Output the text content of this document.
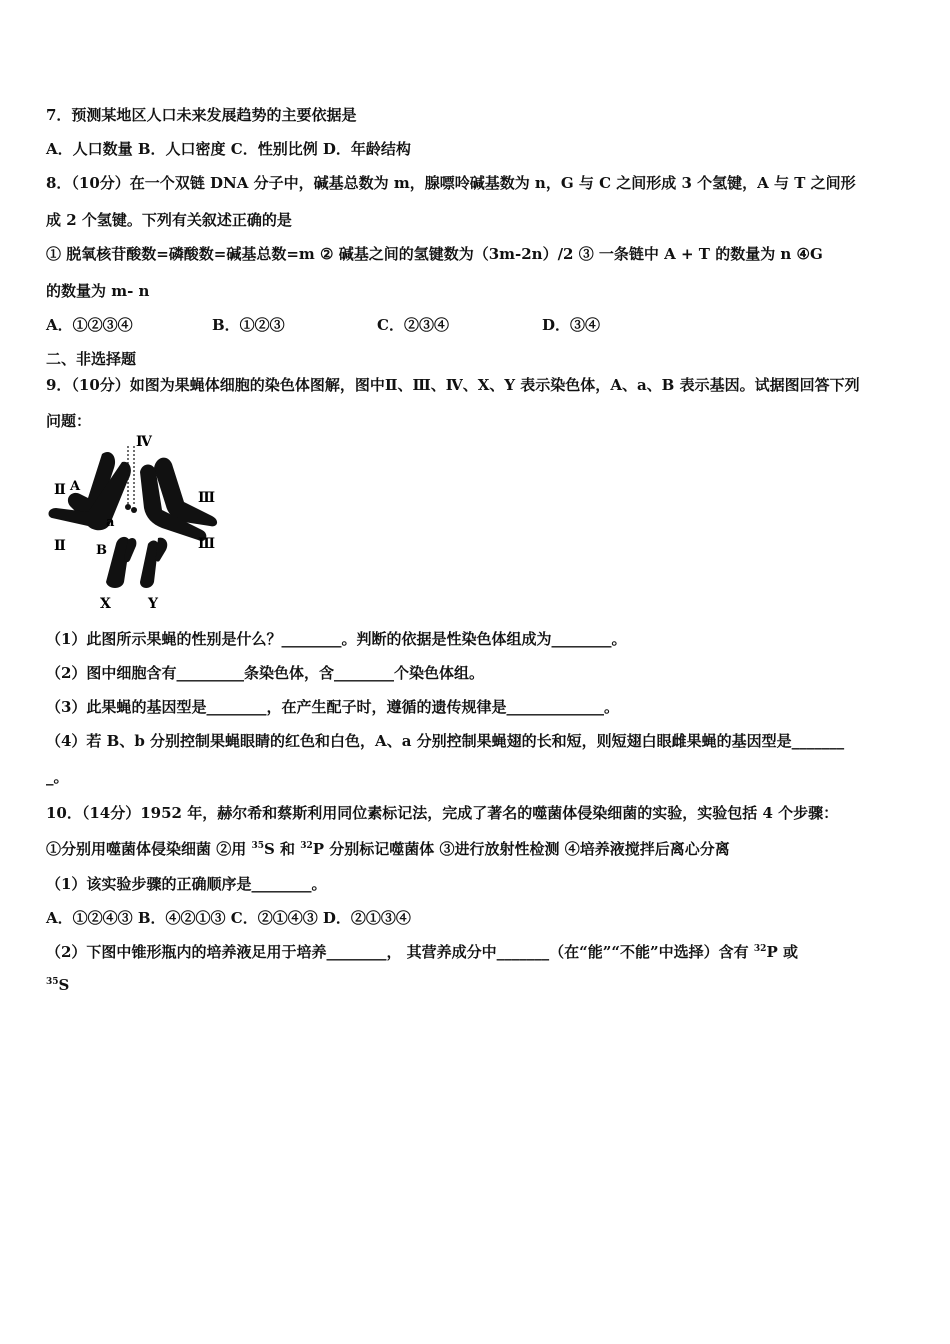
7．预测某地区人口未来发展趋势的主要依据是
A．人口数量 B．人口密度 C．性别比例 D．年龄结构
8．（10分）在一个双链 DNA 分子中，碱基总数为 m，腺嘌呤碱基数为 n，G 与 C 之间形成 3 个氢键，A 与 T 之间形
成 2 个氢键。下列有关叙述正确的是
① 脱氧核苷酸数=磷酸数=碱基总数=m ② 碱基之间的氢键数为（3m-2n）/2 ③ 一条链中 A + T 的数量为 n ④G
的数量为 m- n
A．①②③④	B．①②③	C．②③④	D．③④
二、非选择题
9．（10分）如图为果蝇体细胞的染色体图解，图中Ⅱ、Ⅲ、Ⅳ、X、Y 表示染色体，A、a、B 表示基因。试据图回答下列
问题：
Ⅳ
Ⅱ
Ⅱ
Ⅲ
Ⅲ
A
a
B
X	Y
（1）此图所示果蝇的性别是什么？________。判断的依据是性染色体组成为________。
（2）图中细胞含有_________条染色体，含________个染色体组。
（3）此果蝇的基因型是________，在产生配子时，遵循的遗传规律是_____________。
（4）若 B、b 分别控制果蝇眼睛的红色和白色，A、a 分别控制果蝇翅的长和短，则短翅白眼雌果蝇的基因型是_______
_。
10．（14分）1952 年，赫尔希和蔡斯利用同位素标记法，完成了著名的噬菌体侵染细菌的实验，实验包括 4 个步骤：
①分别用噬菌体侵染细菌 ②用 $^{35}$S 和 $^{32}$P 分别标记噬菌体 ③进行放射性检测 ④培养液搅拌后离心分离
（1）该实验步骤的正确顺序是________。
A．①②④③ B．④②①③ C．②①④③ D．②①③④
（2）下图中锥形瓶内的培养液足用于培养________， 其营养成分中_______（在“能”“不能”中选择）含有 $^{32}$P 或
$^{35}$S
